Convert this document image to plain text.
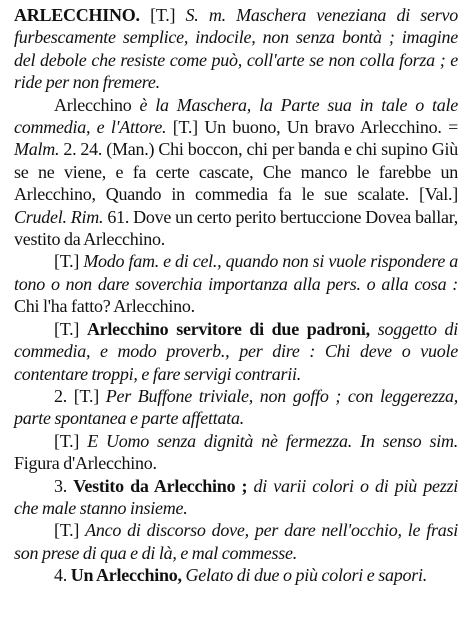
ARLECCHINO. [T.] S. m. Maschera veneziana di servo furbescamente semplice, indocile, non senza bontà ; imagine del debole che resiste come può, coll'arte se non colla forza ; e ride per non fremere.

Arlecchino è la Maschera, la Parte sua in tale o tale commedia, e l'Attore. [T.] Un buono, Un bravo Arlecchino. = Malm. 2. 24. (Man.) Chi boccon, chi per banda e chi supino Giù se ne viene, e fa certe cascate, Che manco le farebbe un Arlecchino, Quando in commedia fa le sue scalate. [Val.] Crudel. Rim. 61. Dove un certo perito bertuccione Dovea ballar, vestito da Arlecchino.

[T.] Modo fam. e di cel., quando non si vuole rispondere a tono o non dare soverchia importanza alla pers. o alla cosa : Chi l'ha fatto? Arlecchino.

[T.] Arlecchino servitore di due padroni, soggetto di commedia, e modo proverb., per dire : Chi deve o vuole contentare troppi, e fare servigi contrarii.

2. [T.] Per Buffone triviale, non goffo ; con leggerezza, parte spontanea e parte affettata.

[T.] E Uomo senza dignità nè fermezza. In senso sim. Figura d'Arlecchino.

3. Vestito da Arlecchino ; di varii colori o di più pezzi che male stanno insieme.

[T.] Anco di discorso dove, per dare nell'occhio, le frasi son prese di qua e di là, e mal commesse.

4. Un Arlecchino, Gelato di due o più colori e sapori.
